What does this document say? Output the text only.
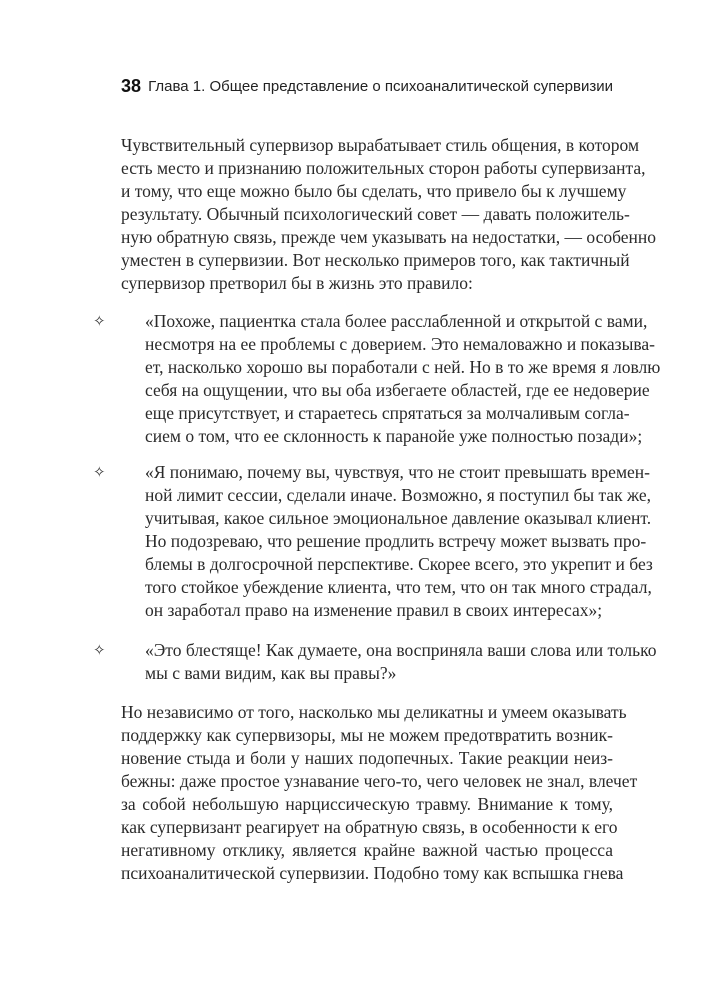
38 Глава 1. Общее представление о психоаналитической супервизии
Чувствительный супервизор вырабатывает стиль общения, в котором
есть место и признанию положительных сторон работы супервизанта,
и тому, что еще можно было бы сделать, что привело бы к лучшему
результату. Обычный психологический совет — давать положитель-
ную обратную связь, прежде чем указывать на недостатки, — особенно
уместен в супервизии. Вот несколько примеров того, как тактичный
супервизор претворил бы в жизнь это правило:
«Похоже, пациентка стала более расслабленной и открытой с вами,
несмотря на ее проблемы с доверием. Это немаловажно и показыва-
ет, насколько хорошо вы поработали с ней. Но в то же время я ловлю
себя на ощущении, что вы оба избегаете областей, где ее недоверие
еще присутствует, и стараетесь спрятаться за молчаливым согла-
сием о том, что ее склонность к паранойе уже полностью позади»;
✧
«Я понимаю, почему вы, чувствуя, что не стоит превышать времен-
ной лимит сессии, сделали иначе. Возможно, я поступил бы так же,
учитывая, какое сильное эмоциональное давление оказывал клиент.
Но подозреваю, что решение продлить встречу может вызвать про-
блемы в долгосрочной перспективе. Скорее всего, это укрепит и без
того стойкое убеждение клиента, что тем, что он так много страдал,
он заработал право на изменение правил в своих интересах»;
✧
«Это блестяще! Как думаете, она восприняла ваши слова или только
мы с вами видим, как вы правы?»
✧
Но независимо от того, насколько мы деликатны и умеем оказывать
поддержку как супервизоры, мы не можем предотвратить возник-
новение стыда и боли у наших подопечных. Такие реакции неиз-
бежны: даже простое узнавание чего-то, чего человек не знал, влечет
за собой небольшую нарциссическую травму. Внимание к тому,
как супервизант реагирует на обратную связь, в особенности к его
негативному отклику, является крайне важной частью процесса
психоаналитической супервизии. Подобно тому как вспышка гнева
